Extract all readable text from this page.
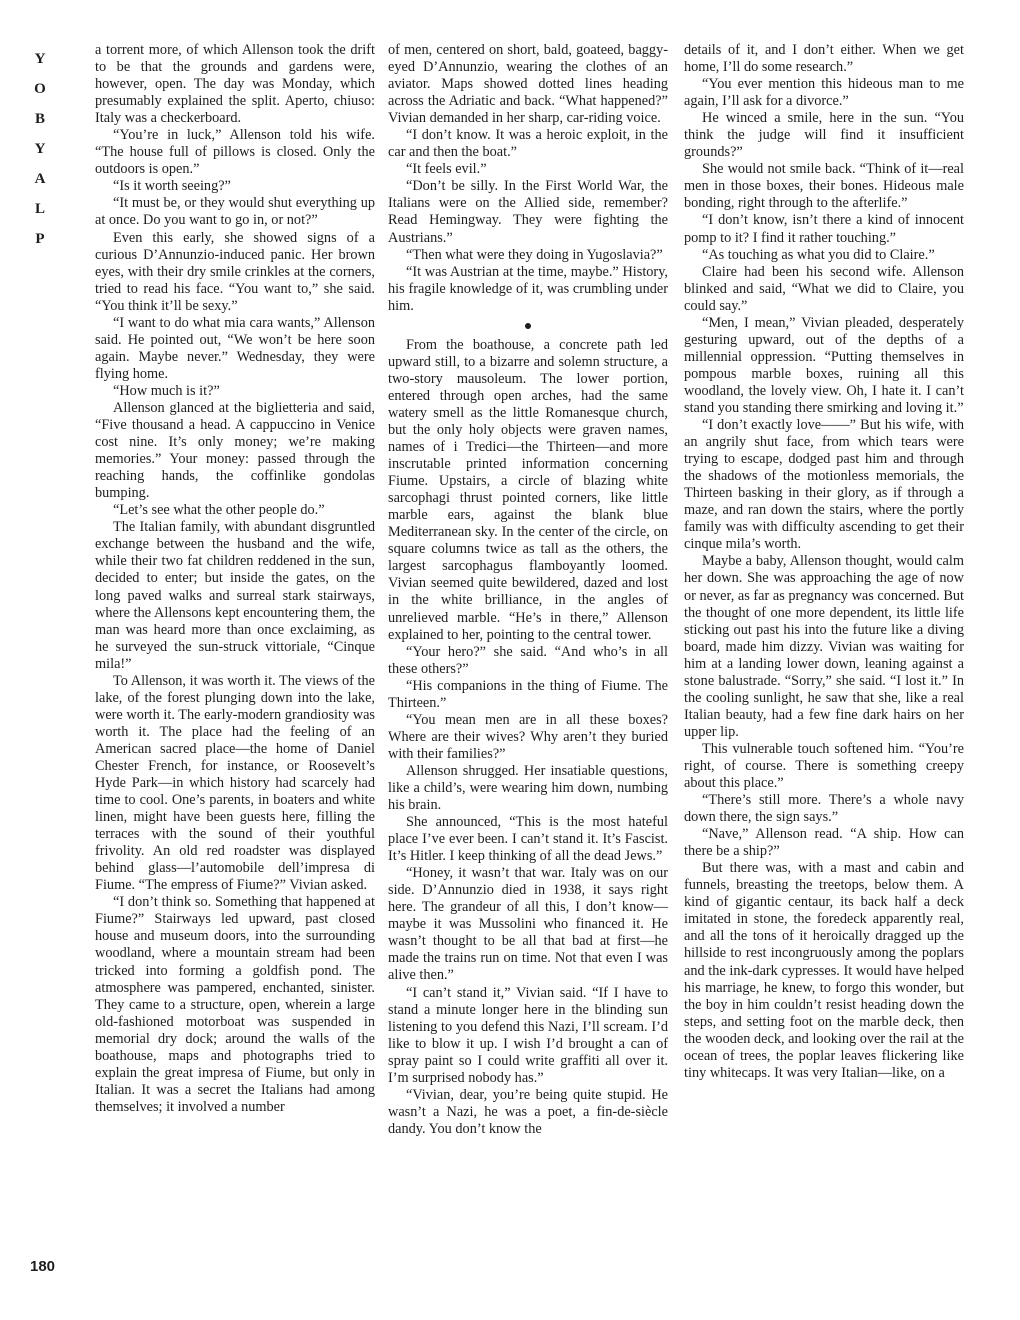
Y
O
B
Y
A
L
P

a torrent more, of which Allenson took the drift to be that the grounds and gardens were, however, open. The day was Monday, which presumably explained the split. Aperto, chiuso: Italy was a checkerboard.

“You’re in luck,” Allenson told his wife. “The house full of pillows is closed. Only the outdoors is open.”

“Is it worth seeing?”

“It must be, or they would shut everything up at once. Do you want to go in, or not?”

Even this early, she showed signs of a curious D’Annunzio-induced panic. Her brown eyes, with their dry smile crinkles at the corners, tried to read his face. “You want to,” she said. “You think it’ll be sexy.”

“I want to do what mia cara wants,” Allenson said. He pointed out, “We won’t be here soon again. Maybe never.” Wednesday, they were flying home.

“How much is it?”

Allenson glanced at the biglietteria and said, “Five thousand a head. A cappuccino in Venice cost nine. It’s only money; we’re making memories.” Your money: passed through the reaching hands, the coffinlike gondolas bumping.

“Let’s see what the other people do.”

The Italian family, with abundant disgruntled exchange between the husband and the wife, while their two fat children reddened in the sun, decided to enter; but inside the gates, on the long paved walks and surreal stark stairways, where the Allensons kept encountering them, the man was heard more than once exclaiming, as he surveyed the sun-struck vittoriale, “Cinque mila!”

To Allenson, it was worth it. The views of the lake, of the forest plunging down into the lake, were worth it. The early-modern grandiosity was worth it. The place had the feeling of an American sacred place—the home of Daniel Chester French, for instance, or Roosevelt’s Hyde Park—in which history had scarcely had time to cool. One’s parents, in boaters and white linen, might have been guests here, filling the terraces with the sound of their youthful frivolity. An old red roadster was displayed behind glass—l’automobile dell’impresa di Fiume. “The empress of Fiume?” Vivian asked.

“I don’t think so. Something that happened at Fiume?” Stairways led upward, past closed house and museum doors, into the surrounding woodland, where a mountain stream had been tricked into forming a goldfish pond. The atmosphere was pampered, enchanted, sinister. They came to a structure, open, wherein a large old-fashioned motorboat was suspended in memorial dry dock; around the walls of the boathouse, maps and photographs tried to explain the great impresa of Fiume, but only in Italian. It was a secret the Italians had among themselves; it involved a number

of men, centered on short, bald, goateed, baggy-eyed D’Annunzio, wearing the clothes of an aviator. Maps showed dotted lines heading across the Adriatic and back. “What happened?” Vivian demanded in her sharp, car-riding voice.

“I don’t know. It was a heroic exploit, in the car and then the boat.”

“It feels evil.”

“Don’t be silly. In the First World War, the Italians were on the Allied side, remember? Read Hemingway. They were fighting the Austrians.”

“Then what were they doing in Yugoslavia?”

“It was Austrian at the time, maybe.” History, his fragile knowledge of it, was crumbling under him.

From the boathouse, a concrete path led upward still, to a bizarre and solemn structure, a two-story mausoleum. The lower portion, entered through open arches, had the same watery smell as the little Romanesque church, but the only holy objects were graven names, names of i Tredici—the Thirteen—and more inscrutable printed information concerning Fiume. Upstairs, a circle of blazing white sarcophagi thrust pointed corners, like little marble ears, against the blank blue Mediterranean sky. In the center of the circle, on square columns twice as tall as the others, the largest sarcophagus flamboyantly loomed. Vivian seemed quite bewildered, dazed and lost in the white brilliance, in the angles of unrelieved marble. “He’s in there,” Allenson explained to her, pointing to the central tower.

“Your hero?” she said. “And who’s in all these others?”

“His companions in the thing of Fiume. The Thirteen.”

“You mean men are in all these boxes? Where are their wives? Why aren’t they buried with their families?”

Allenson shrugged. Her insatiable questions, like a child’s, were wearing him down, numbing his brain.

She announced, “This is the most hateful place I’ve ever been. I can’t stand it. It’s Fascist. It’s Hitler. I keep thinking of all the dead Jews.”

“Honey, it wasn’t that war. Italy was on our side. D’Annunzio died in 1938, it says right here. The grandeur of all this, I don’t know—maybe it was Mussolini who financed it. He wasn’t thought to be all that bad at first—he made the trains run on time. Not that even I was alive then.”

“I can’t stand it,” Vivian said. “If I have to stand a minute longer here in the blinding sun listening to you defend this Nazi, I’ll scream. I’d like to blow it up. I wish I’d brought a can of spray paint so I could write graffiti all over it. I’m surprised nobody has.”

“Vivian, dear, you’re being quite stupid. He wasn’t a Nazi, he was a poet, a fin-de-siècle dandy. You don’t know the

details of it, and I don’t either. When we get home, I’ll do some research.”

“You ever mention this hideous man to me again, I’ll ask for a divorce.”

He winced a smile, here in the sun. “You think the judge will find it insufficient grounds?”

She would not smile back. “Think of it—real men in those boxes, their bones. Hideous male bonding, right through to the afterlife.”

“I don’t know, isn’t there a kind of innocent pomp to it? I find it rather touching.”

“As touching as what you did to Claire.”

Claire had been his second wife. Allenson blinked and said, “What we did to Claire, you could say.”

“Men, I mean,” Vivian pleaded, desperately gesturing upward, out of the depths of a millennial oppression. “Putting themselves in pompous marble boxes, ruining all this woodland, the lovely view. Oh, I hate it. I can’t stand you standing there smirking and loving it.”

“I don’t exactly love——” But his wife, with an angrily shut face, from which tears were trying to escape, dodged past him and through the shadows of the motionless memorials, the Thirteen basking in their glory, as if through a maze, and ran down the stairs, where the portly family was with difficulty ascending to get their cinque mila’s worth.

Maybe a baby, Allenson thought, would calm her down. She was approaching the age of now or never, as far as pregnancy was concerned. But the thought of one more dependent, its little life sticking out past his into the future like a diving board, made him dizzy. Vivian was waiting for him at a landing lower down, leaning against a stone balustrade. “Sorry,” she said. “I lost it.” In the cooling sunlight, he saw that she, like a real Italian beauty, had a few fine dark hairs on her upper lip.

This vulnerable touch softened him. “You’re right, of course. There is something creepy about this place.”

“There’s still more. There’s a whole navy down there, the sign says.”

“Nave,” Allenson read. “A ship. How can there be a ship?”

But there was, with a mast and cabin and funnels, breasting the treetops, below them. A kind of gigantic centaur, its back half a deck imitated in stone, the foredeck apparently real, and all the tons of it heroically dragged up the hillside to rest incongruously among the poplars and the ink-dark cypresses. It would have helped his marriage, he knew, to forgo this wonder, but the boy in him couldn’t resist heading down the steps, and setting foot on the marble deck, then the wooden deck, and looking over the rail at the ocean of trees, the poplar leaves flickering like tiny whitecaps. It was very Italian—like, on a

180
